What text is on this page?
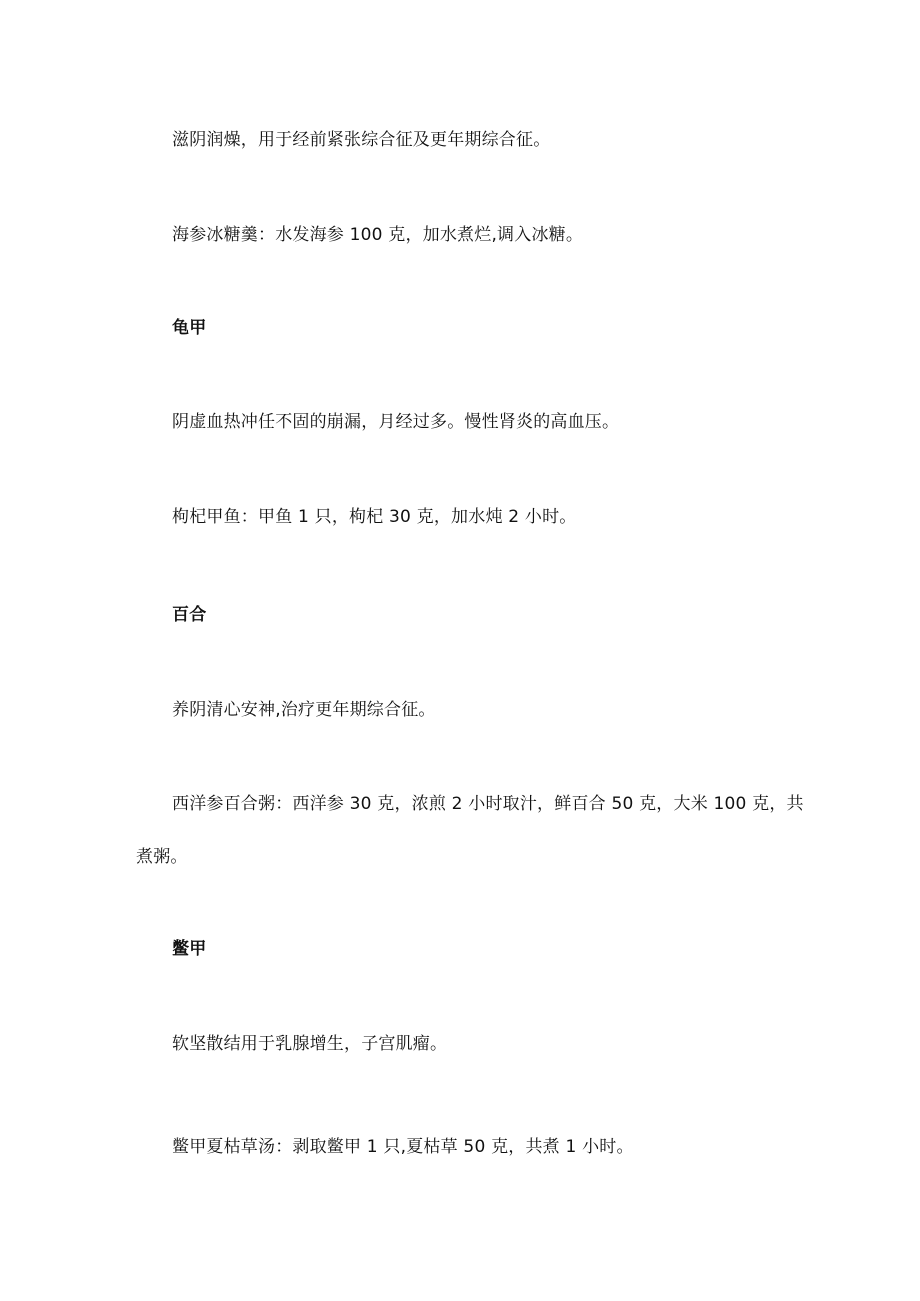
滋阴润燥，用于经前紧张综合征及更年期综合征。
海参冰糖羹：水发海参 100 克，加水煮烂,调入冰糖。
龟甲
阴虚血热冲任不固的崩漏，月经过多。慢性肾炎的高血压。
枸杞甲鱼：甲鱼 1 只，枸杞 30 克，加水炖 2 小时。
百合
养阴清心安神,治疗更年期综合征。
西洋参百合粥：西洋参 30 克，浓煎 2 小时取汁，鲜百合 50 克，大米 100 克，共
煮粥。
鳖甲
软坚散结用于乳腺增生，子宫肌瘤。
鳖甲夏枯草汤：剥取鳖甲 1 只,夏枯草 50 克，共煮 1 小时。
